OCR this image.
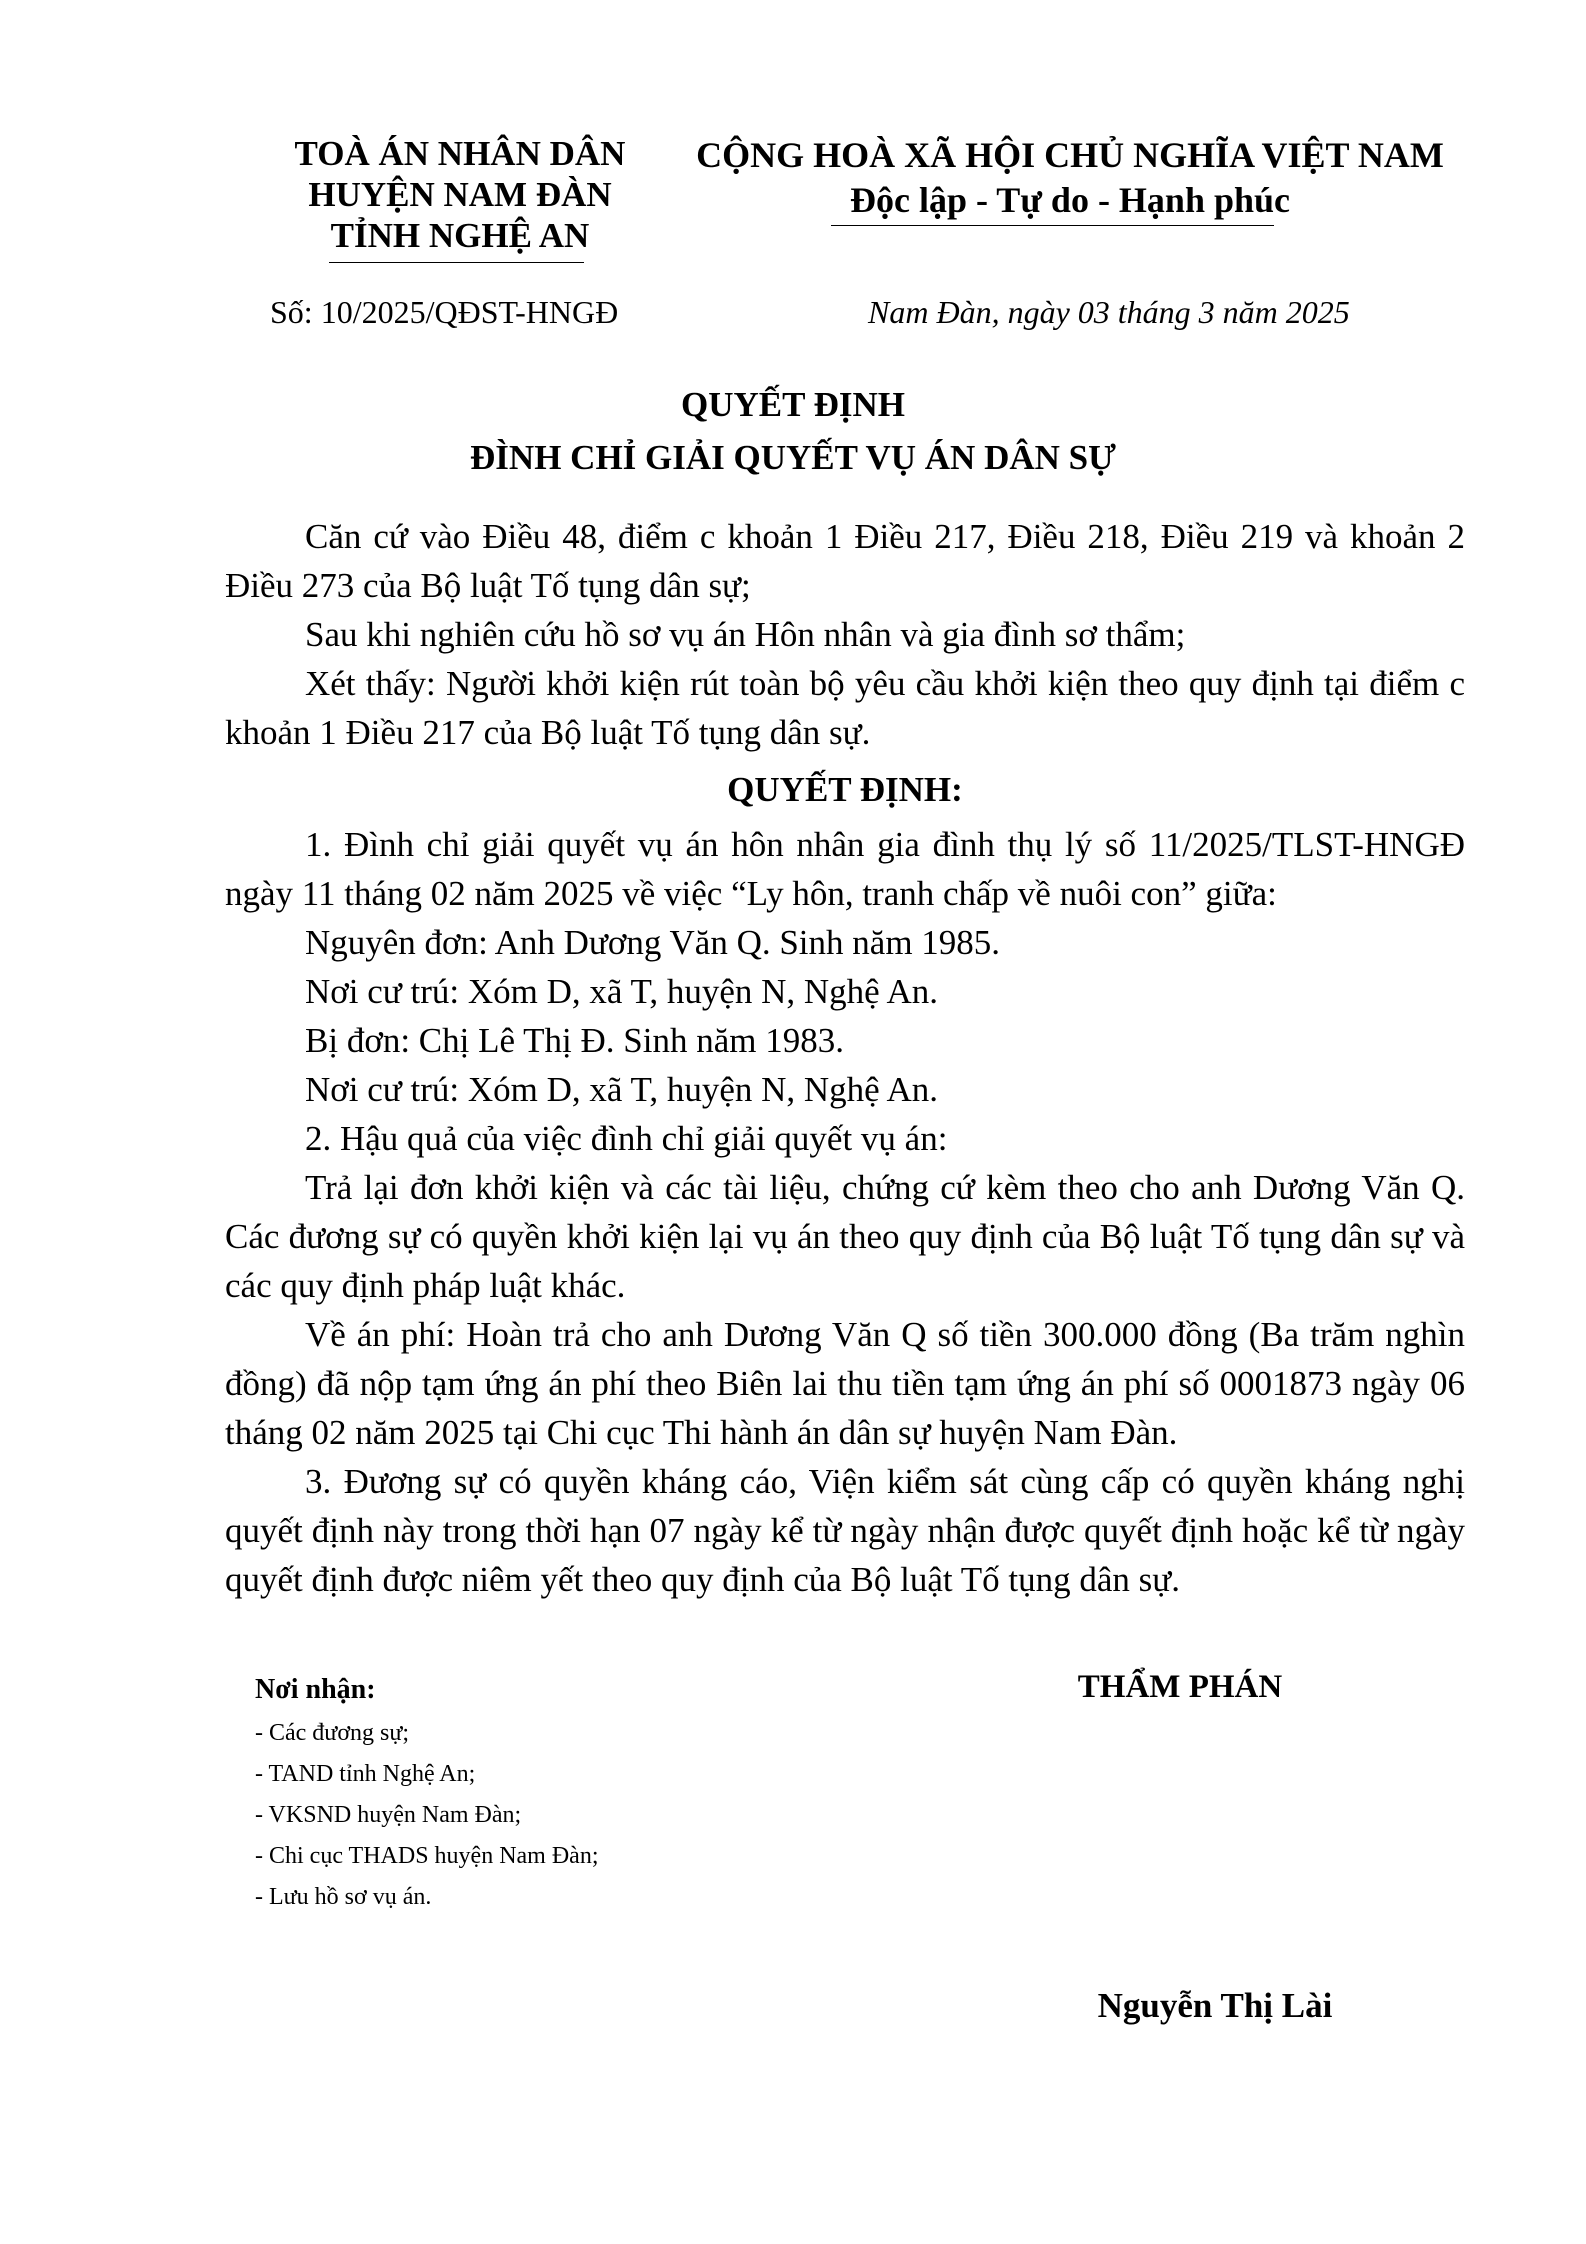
TOÀ ÁN NHÂN DÂN
HUYỆN NAM ĐÀN
TỈNH NGHỆ AN
CỘNG HOÀ XÃ HỘI CHỦ NGHĨA VIỆT NAM
Độc lập - Tự do - Hạnh phúc
Số: 10/2025/QĐST-HNGĐ	Nam Đàn, ngày 03 tháng 3 năm 2025
QUYẾT ĐỊNH
ĐÌNH CHỈ GIẢI QUYẾT VỤ ÁN DÂN SỰ

Căn cứ vào Điều 48, điểm c khoản 1 Điều 217, Điều 218, Điều 219 và khoản 2 Điều 273 của Bộ luật Tố tụng dân sự;

Sau khi nghiên cứu hồ sơ vụ án Hôn nhân và gia đình sơ thẩm;

Xét thấy: Người khởi kiện rút toàn bộ yêu cầu khởi kiện theo quy định tại điểm c khoản 1 Điều 217 của Bộ luật Tố tụng dân sự.

QUYẾT ĐỊNH:

1. Đình chỉ giải quyết vụ án hôn nhân gia đình thụ lý số 11/2025/TLST-HNGĐ ngày 11 tháng 02 năm 2025 về việc “Ly hôn, tranh chấp về nuôi con” giữa:

Nguyên đơn: Anh Dương Văn Q. Sinh năm 1985.

Nơi cư trú: Xóm D, xã T, huyện N, Nghệ An.

Bị đơn: Chị Lê Thị Đ. Sinh năm 1983.

Nơi cư trú: Xóm D, xã T, huyện N, Nghệ An.

2. Hậu quả của việc đình chỉ giải quyết vụ án:

Trả lại đơn khởi kiện và các tài liệu, chứng cứ kèm theo cho anh Dương Văn Q. Các đương sự có quyền khởi kiện lại vụ án theo quy định của Bộ luật Tố tụng dân sự và các quy định pháp luật khác.

Về án phí: Hoàn trả cho anh Dương Văn Q số tiền 300.000 đồng (Ba trăm nghìn đồng) đã nộp tạm ứng án phí theo Biên lai thu tiền tạm ứng án phí số 0001873 ngày 06 tháng 02 năm 2025 tại Chi cục Thi hành án dân sự huyện Nam Đàn.

3. Đương sự có quyền kháng cáo, Viện kiểm sát cùng cấp có quyền kháng nghị quyết định này trong thời hạn 07 ngày kể từ ngày nhận được quyết định hoặc kể từ ngày quyết định được niêm yết theo quy định của Bộ luật Tố tụng dân sự.

Nơi nhận:
- Các đương sự;
- TAND tỉnh Nghệ An;
- VKSND huyện Nam Đàn;
- Chi cục THADS huyện Nam Đàn;
- Lưu hồ sơ vụ án.
THẨM PHÁN
Nguyễn Thị Lài
